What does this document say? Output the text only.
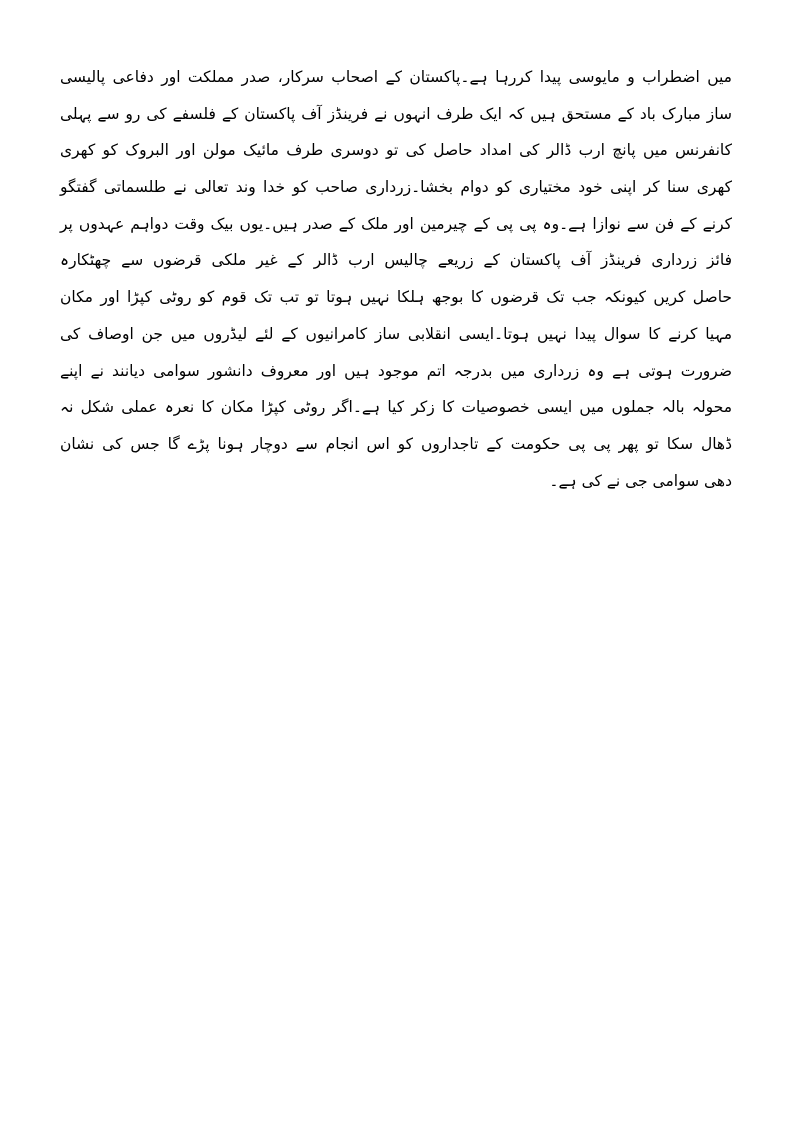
میں اضطراب و مایوسی پیدا کررہا ہے۔پاکستان کے اصحاب سرکار، صدر مملکت اور دفاعی پالیسی
ساز مبارک باد کے مستحق ہیں کہ ایک طرف انہوں نے فرینڈز آف پاکستان کے فلسفے کی رو سے پہلی
کانفرنس میں پانچ ارب ڈالر کی امداد حاصل کی تو دوسری طرف مائیک مولن اور البروک کو کھری
کھری سنا کر اپنی خود مختیاری کو دوام بخشا۔زرداری صاحب کو خدا وند تعالی نے طلسماتی گفتگو
کرنے کے فن سے نوازا ہے۔وہ پی پی کے چیرمین اور ملک کے صدر ہیں۔یوں بیک وقت دواہم عہدوں پر
فائز زرداری فرینڈز آف پاکستان کے زریعے چالیس ارب ڈالر کے غیر ملکی قرضوں سے چھٹکارہ
حاصل کریں کیونکہ جب تک قرضوں کا بوجھ ہلکا نہیں ہوتا تو تب تک قوم کو روٹی کپڑا اور مکان
مہیا کرنے کا سوال پیدا نہیں ہوتا۔ایسی انقلابی ساز کامرانیوں کے لئے لیڈروں میں جن اوصاف کی
ضرورت ہوتی ہے وہ زرداری میں بدرجہ اتم موجود ہیں اور معروف دانشور سوامی دیانند نے اپنے
محولہ بالہ جملوں میں ایسی خصوصیات کا زکر کیا ہے۔اگر روٹی کپڑا مکان کا نعرہ عملی شکل نہ
ڈھال سکا تو پھر پی پی حکومت کے تاجداروں کو اس انجام سے دوچار ہونا پڑے گا جس کی نشان
دھی سوامی جی نے کی ہے۔
